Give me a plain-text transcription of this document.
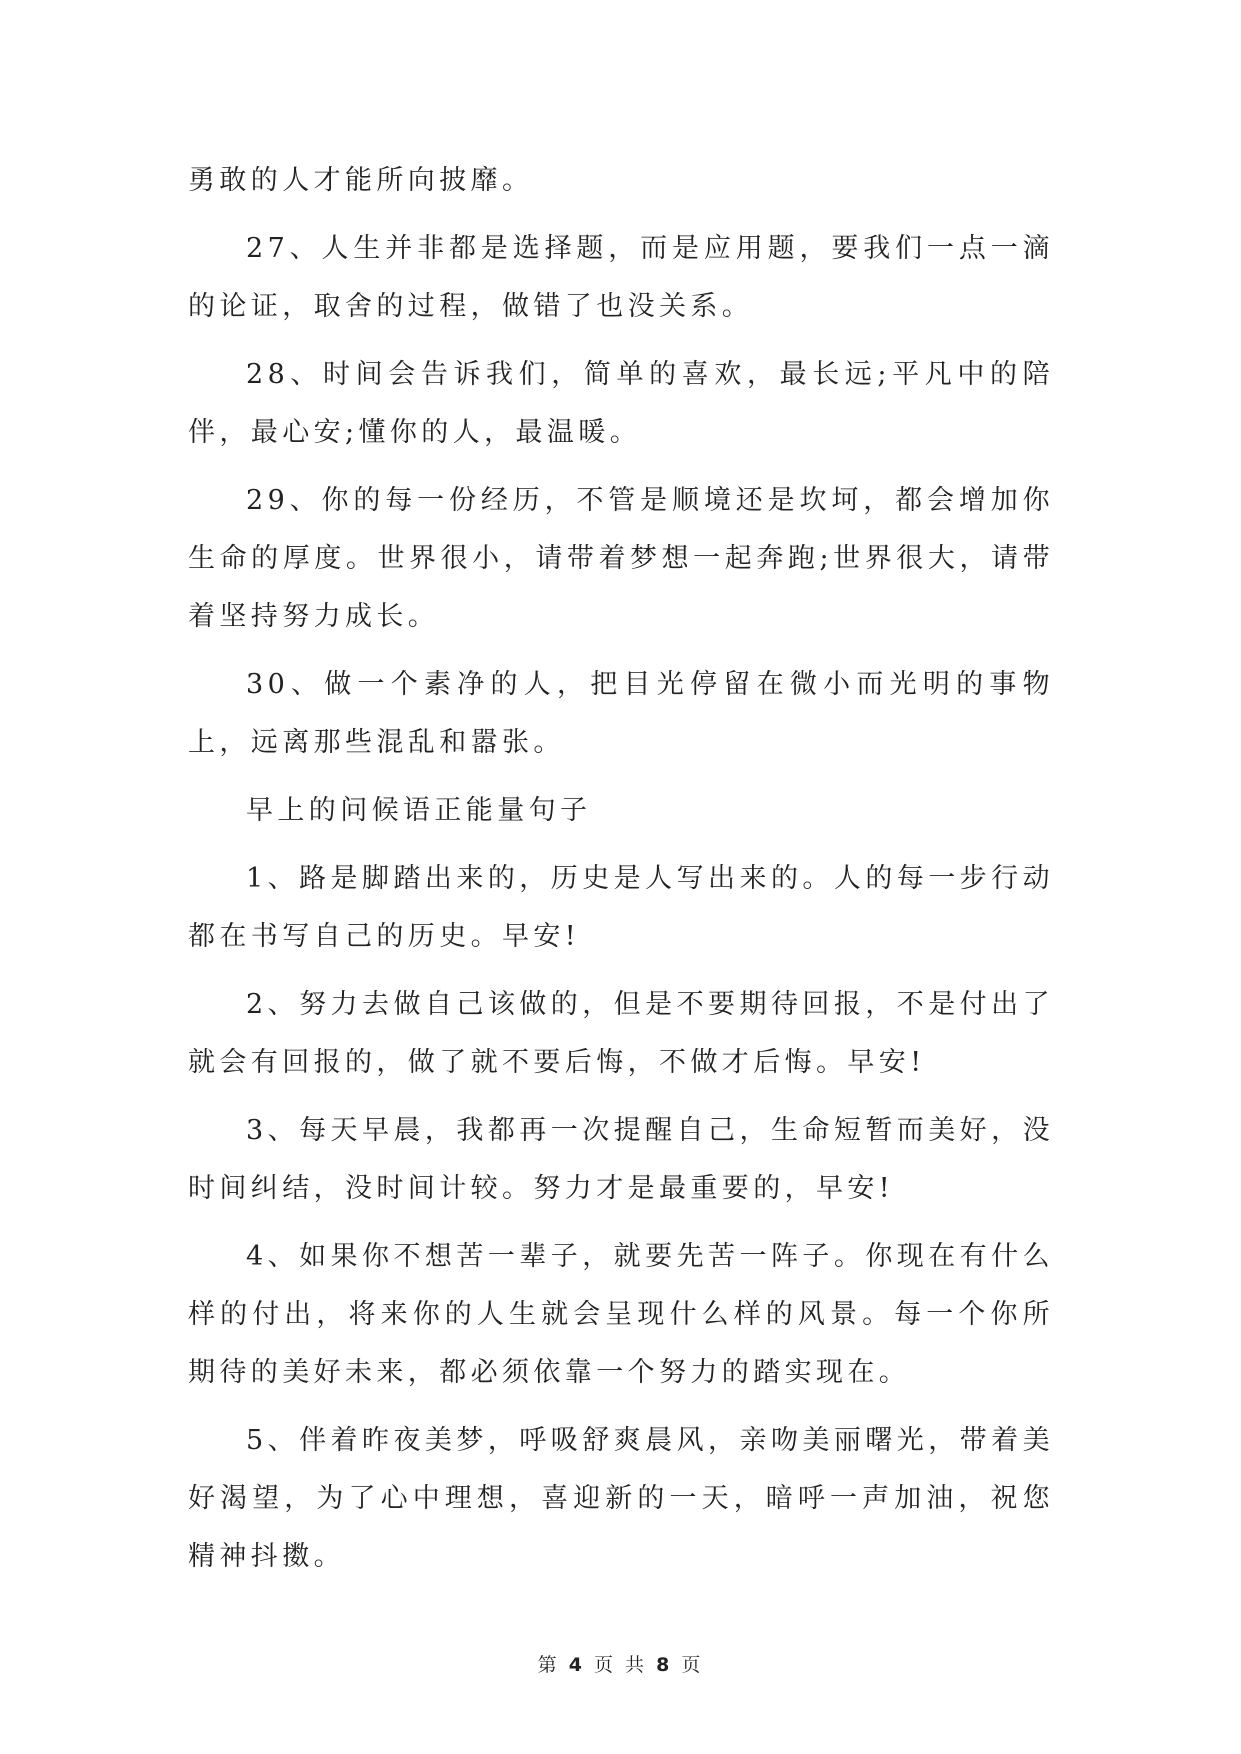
勇敢的人才能所向披靡。

27、人生并非都是选择题，而是应用题，要我们一点一滴的论证，取舍的过程，做错了也没关系。

28、时间会告诉我们，简单的喜欢，最长远;平凡中的陪伴，最心安;懂你的人，最温暖。

29、你的每一份经历，不管是顺境还是坎坷，都会增加你生命的厚度。世界很小，请带着梦想一起奔跑;世界很大，请带着坚持努力成长。

30、做一个素净的人，把目光停留在微小而光明的事物上，远离那些混乱和嚣张。

早上的问候语正能量句子

1、路是脚踏出来的，历史是人写出来的。人的每一步行动都在书写自己的历史。早安!

2、努力去做自己该做的，但是不要期待回报，不是付出了就会有回报的，做了就不要后悔，不做才后悔。早安!

3、每天早晨，我都再一次提醒自己，生命短暂而美好，没时间纠结，没时间计较。努力才是最重要的，早安!

4、如果你不想苦一辈子，就要先苦一阵子。你现在有什么样的付出，将来你的人生就会呈现什么样的风景。每一个你所期待的美好未来，都必须依靠一个努力的踏实现在。

5、伴着昨夜美梦，呼吸舒爽晨风，亲吻美丽曙光，带着美好渴望，为了心中理想，喜迎新的一天，暗呼一声加油，祝您精神抖擞。

第 4 页 共 8 页
